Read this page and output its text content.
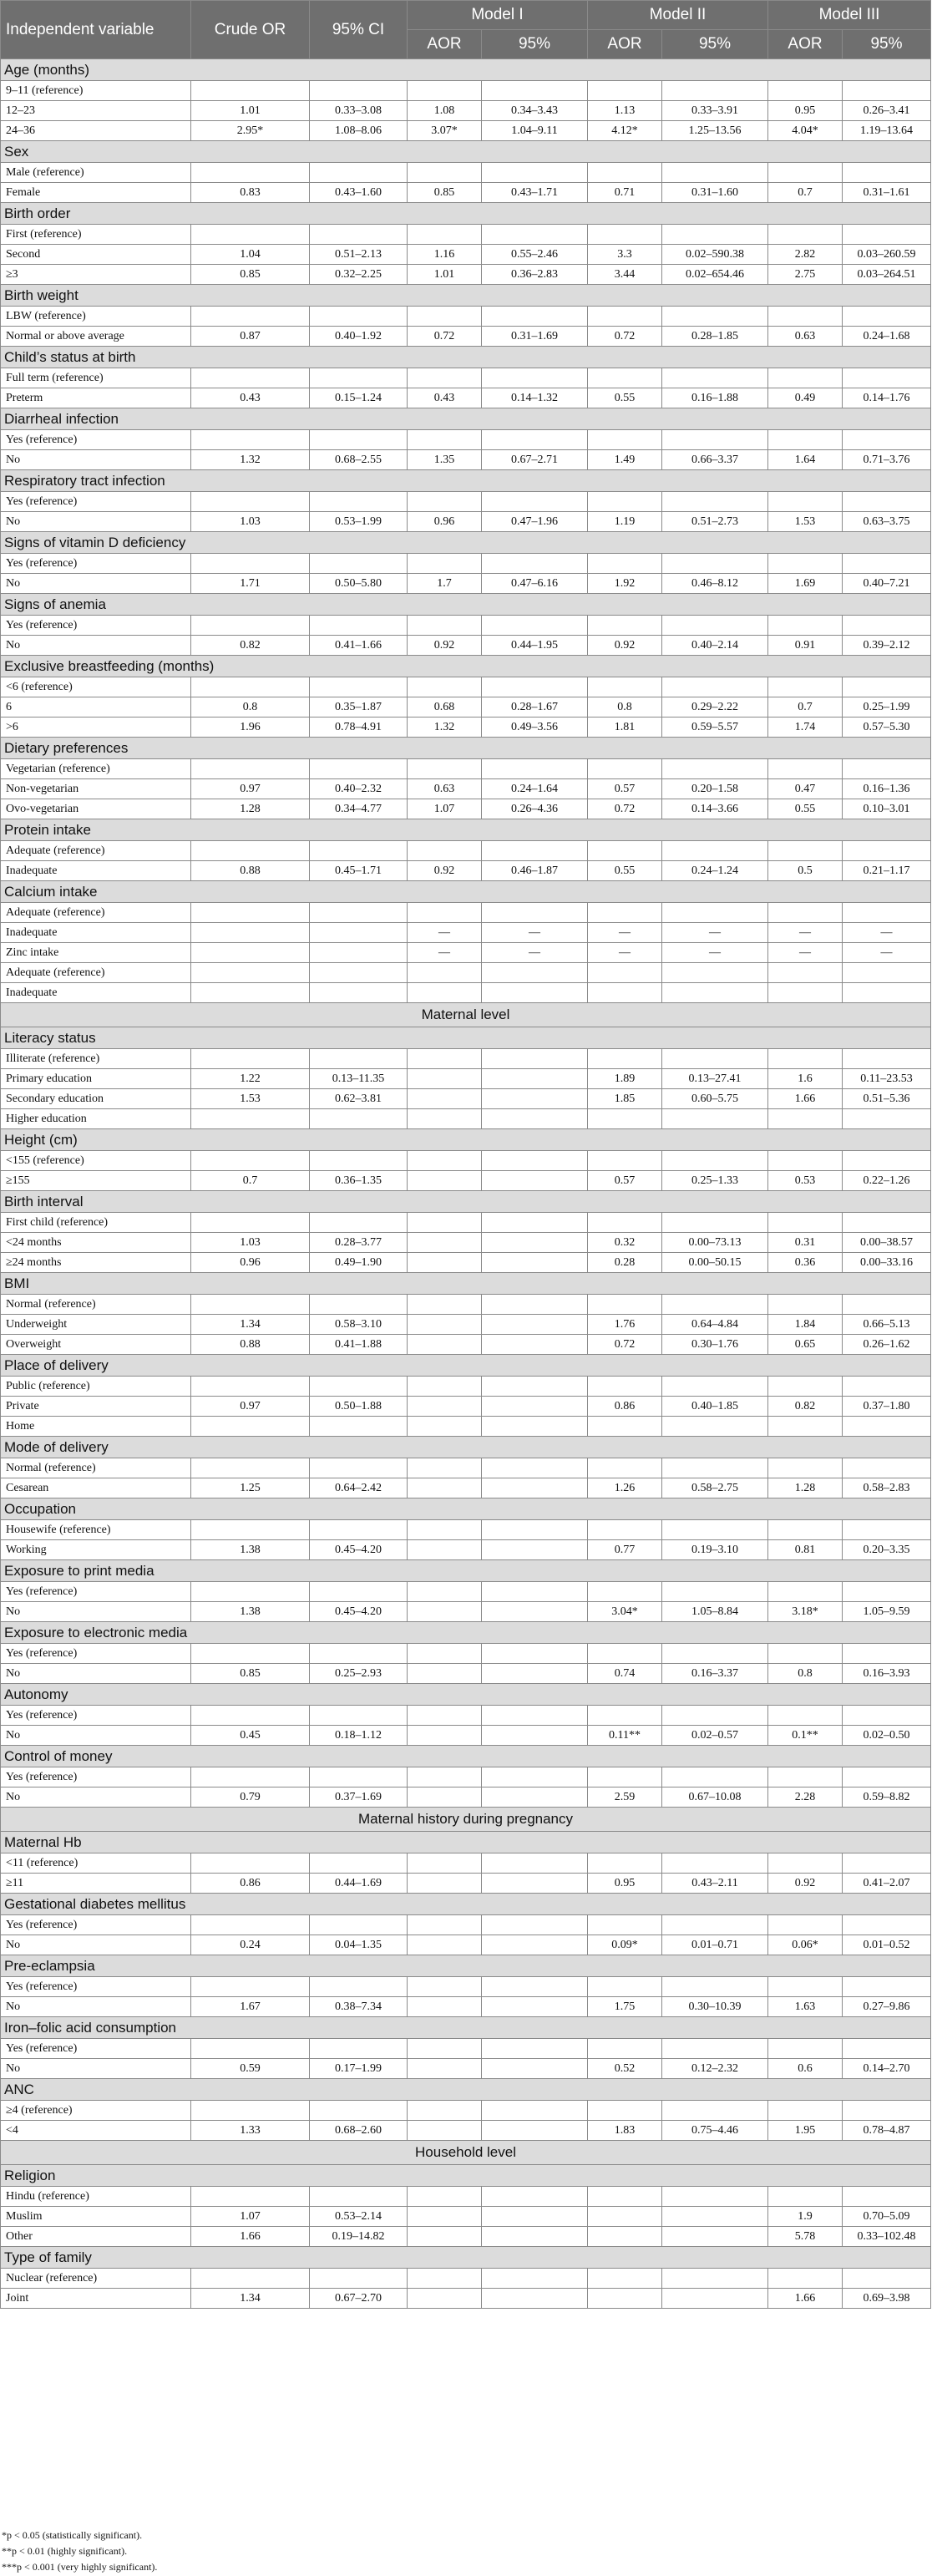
Independent variable	Crude OR	95% CI	Model I		Model II		Model III	
			AOR	95%	AOR	95%	AOR	95%
Age (months)								
9–11 (reference)								
12–23	1.01	0.33–3.08	1.08	0.34–3.43	1.13	0.33–3.91	0.95	0.26–3.41
24–36	2.95*	1.08–8.06	3.07*	1.04–9.11	4.12*	1.25–13.56	4.04*	1.19–13.64
Sex								
Male (reference)								
Female	0.83	0.43–1.60	0.85	0.43–1.71	0.71	0.31–1.60	0.7	0.31–1.61
Birth order								
First (reference)								
Second	1.04	0.51–2.13	1.16	0.55–2.46	3.3	0.02–590.38	2.82	0.03–260.59
≥3	0.85	0.32–2.25	1.01	0.36–2.83	3.44	0.02–654.46	2.75	0.03–264.51
Birth weight								
LBW (reference)								
Normal or above average	0.87	0.40–1.92	0.72	0.31–1.69	0.72	0.28–1.85	0.63	0.24–1.68
Child’s status at birth								
Full term (reference)								
Preterm	0.43	0.15–1.24	0.43	0.14–1.32	0.55	0.16–1.88	0.49	0.14–1.76
Diarrheal infection								
Yes (reference)								
No	1.32	0.68–2.55	1.35	0.67–2.71	1.49	0.66–3.37	1.64	0.71–3.76
Respiratory tract infection								
Yes (reference)								
No	1.03	0.53–1.99	0.96	0.47–1.96	1.19	0.51–2.73	1.53	0.63–3.75
Signs of vitamin D deficiency								
Yes (reference)								
No	1.71	0.50–5.80	1.7	0.47–6.16	1.92	0.46–8.12	1.69	0.40–7.21
Signs of anemia								
Yes (reference)								
No	0.82	0.41–1.66	0.92	0.44–1.95	0.92	0.40–2.14	0.91	0.39–2.12
Exclusive breastfeeding (months)								
<6 (reference)								
6	0.8	0.35–1.87	0.68	0.28–1.67	0.8	0.29–2.22	0.7	0.25–1.99
>6	1.96	0.78–4.91	1.32	0.49–3.56	1.81	0.59–5.57	1.74	0.57–5.30
Dietary preferences								
Vegetarian (reference)								
Non-vegetarian	0.97	0.40–2.32	0.63	0.24–1.64	0.57	0.20–1.58	0.47	0.16–1.36
Ovo-vegetarian	1.28	0.34–4.77	1.07	0.26–4.36	0.72	0.14–3.66	0.55	0.10–3.01
Protein intake								
Adequate (reference)								
Inadequate	0.88	0.45–1.71	0.92	0.46–1.87	0.55	0.24–1.24	0.5	0.21–1.17
Calcium intake								
Adequate (reference)								
Inadequate			—	—	—	—	—	—
Zinc intake			—	—	—	—	—	—
Adequate (reference)								
Inadequate								
Maternal level								
Literacy status								
Illiterate (reference)								
Primary education	1.22	0.13–11.35			1.89	0.13–27.41	1.6	0.11–23.53
Secondary education	1.53	0.62–3.81			1.85	0.60–5.75	1.66	0.51–5.36
Higher education								
Height (cm)								
<155 (reference)								
≥155	0.7	0.36–1.35			0.57	0.25–1.33	0.53	0.22–1.26
Birth interval								
First child (reference)								
<24 months	1.03	0.28–3.77			0.32	0.00–73.13	0.31	0.00–38.57
≥24 months	0.96	0.49–1.90			0.28	0.00–50.15	0.36	0.00–33.16
BMI								
Normal (reference)								
Underweight	1.34	0.58–3.10			1.76	0.64–4.84	1.84	0.66–5.13
Overweight	0.88	0.41–1.88			0.72	0.30–1.76	0.65	0.26–1.62
Place of delivery								
Public (reference)								
Private	0.97	0.50–1.88			0.86	0.40–1.85	0.82	0.37–1.80
Home								
Mode of delivery								
Normal (reference)								
Cesarean	1.25	0.64–2.42			1.26	0.58–2.75	1.28	0.58–2.83
Occupation								
Housewife (reference)								
Working	1.38	0.45–4.20			0.77	0.19–3.10	0.81	0.20–3.35
Exposure to print media								
Yes (reference)								
No	1.38	0.45–4.20			3.04*	1.05–8.84	3.18*	1.05–9.59
Exposure to electronic media								
Yes (reference)								
No	0.85	0.25–2.93			0.74	0.16–3.37	0.8	0.16–3.93
Autonomy								
Yes (reference)								
No	0.45	0.18–1.12			0.11**	0.02–0.57	0.1**	0.02–0.50
Control of money								
Yes (reference)								
No	0.79	0.37–1.69			2.59	0.67–10.08	2.28	0.59–8.82
Maternal history during pregnancy								
Maternal Hb								
<11 (reference)								
≥11	0.86	0.44–1.69			0.95	0.43–2.11	0.92	0.41–2.07
Gestational diabetes mellitus								
Yes (reference)								
No	0.24	0.04–1.35			0.09*	0.01–0.71	0.06*	0.01–0.52
Pre-eclampsia								
Yes (reference)								
No	1.67	0.38–7.34			1.75	0.30–10.39	1.63	0.27–9.86
Iron–folic acid consumption								
Yes (reference)								
No	0.59	0.17–1.99			0.52	0.12–2.32	0.6	0.14–2.70
ANC								
≥4 (reference)								
<4	1.33	0.68–2.60			1.83	0.75–4.46	1.95	0.78–4.87
Household level								
Religion								
Hindu (reference)								
Muslim	1.07	0.53–2.14					1.9	0.70–5.09
Other	1.66	0.19–14.82					5.78	0.33–102.48
Type of family								
Nuclear (reference)								
Joint	1.34	0.67–2.70					1.66	0.69–3.98
*p < 0.05 (statistically significant).
**p < 0.01 (highly significant).
***p < 0.001 (very highly significant).
